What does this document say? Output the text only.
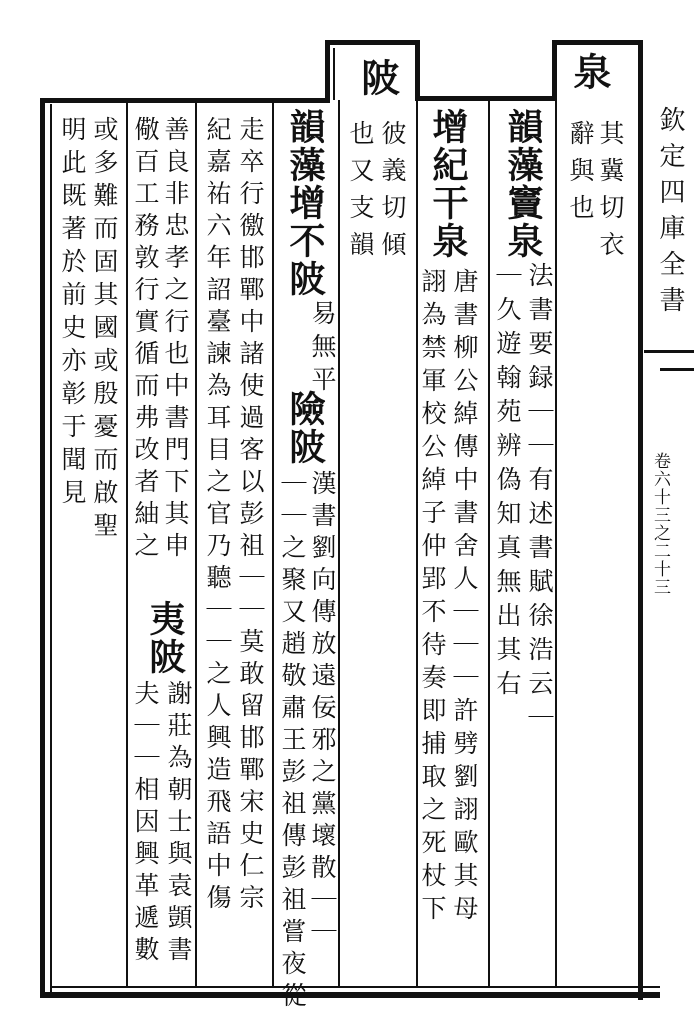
欽定四庫全書
卷六十三之二十三
泉
其冀切衣
辭與也
陂
彼義切傾
也又支韻	韻藻竇泉
法書要録｜｜有述書賦徐浩云｜
｜久遊翰苑辨偽知真無出其右
增紀干泉
唐書柳公綽傳中書舍人｜｜｜許劈劉詡歐其母
詡為禁軍校公綽子仲郢不待奏即捕取之死杖下
韻藻增不陂
易無平
險陂
漢書劉向傳放遠佞邪之黨壞散｜｜
｜｜之聚又趙敬肅王彭祖傳彭祖嘗夜從
走卒行徼邯鄲中諸使過客以彭祖｜｜莫敢留邯鄲宋史仁宗
紀嘉祐六年詔臺諫為耳目之官乃聽｜｜之人興造飛語中傷
善良非忠孝之行也中書門下其申
夷陂
謝莊為朝士與袁顗書
儆百工務敦行實循而弗改者紬之
夫｜｜相因興革遞數
或多難而固其國或殷憂而啟聖
明此既著於前史亦彰于聞見
